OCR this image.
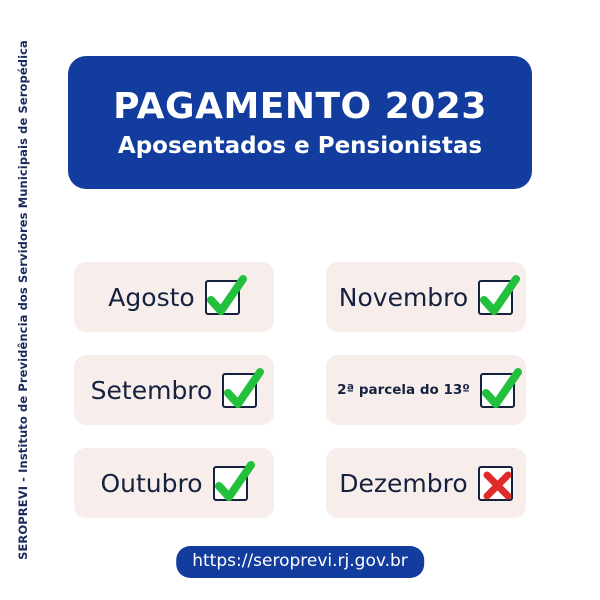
SEROPREVI - Instituto de Previdência dos Servidores Municipais de Seropédica PAGAMENTO 2023
Aposentados e Pensionistas
Agosto	Novembro
Setembro	2ª parcela do 13º
Outubro	Dezembro
https://seroprevi.rj.gov.br
